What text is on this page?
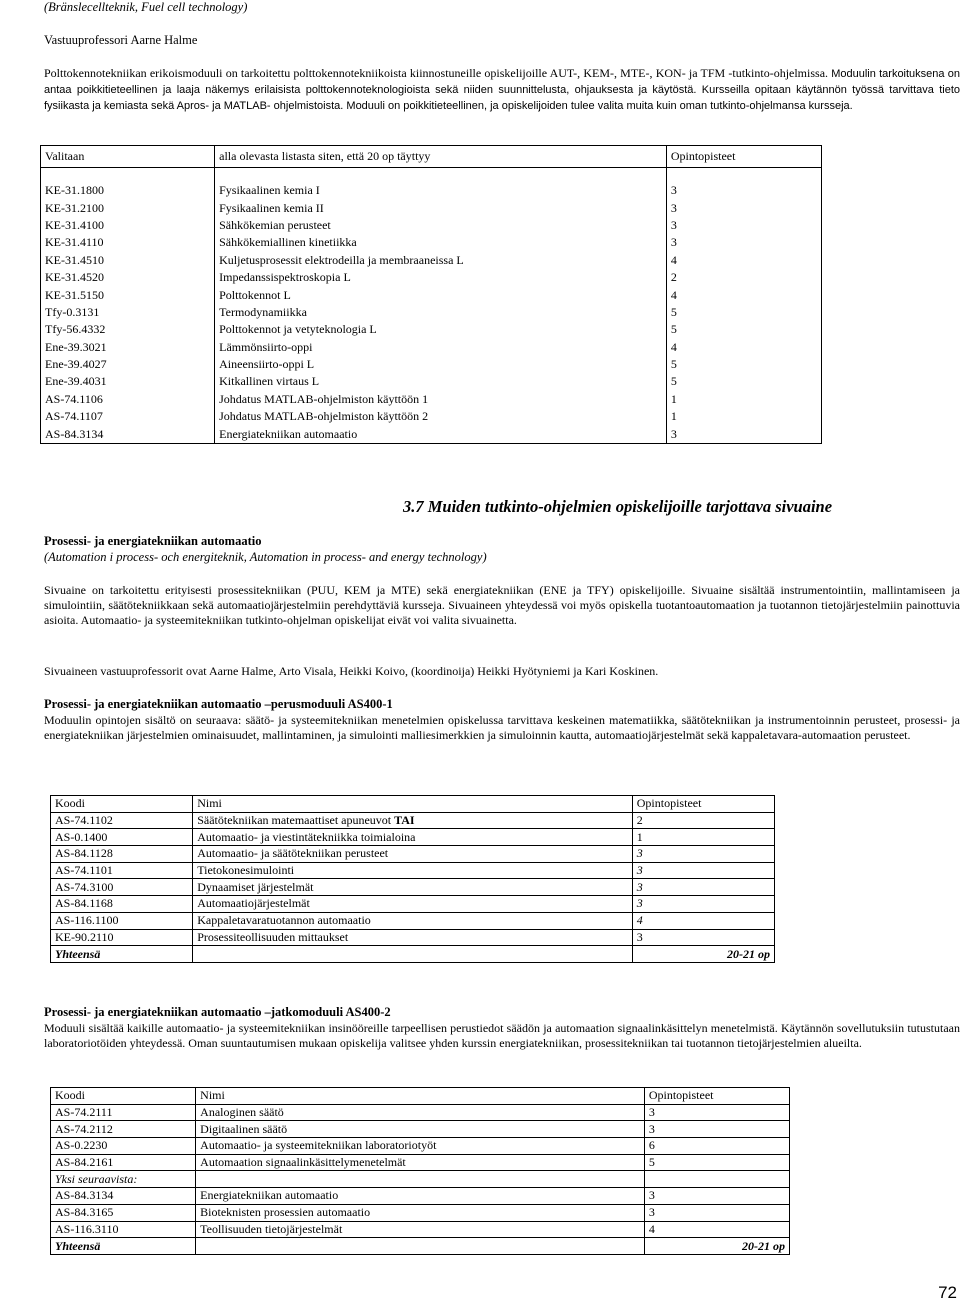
(Bränslecellteknik, Fuel cell technology)
Vastuuprofessori Aarne Halme

Polttokennotekniikan erikoismoduuli on tarkoitettu polttokennotekniikoista kiinnostuneille opiskelijoille AUT-, KEM-, MTE-, KON- ja TFM -tutkinto-ohjelmissa. Moduulin tarkoituksena on antaa poikkitieteellinen ja laaja näkemys erilaisista polttokennoteknologioista sekä niiden suunnittelusta, ohjauksesta ja käytöstä. Kursseilla opitaan käytännön työssä tarvittava tieto fysiikasta ja kemiasta sekä Apros- ja MATLAB- ohjelmistoista. Moduuli on poikkitieteellinen, ja opiskelijoiden tulee valita muita kuin oman tutkinto-ohjelmansa kursseja.

Valitaan	alla olevasta listasta siten, että 20 op täyttyy	Opintopisteet

KE-31.1800	Fysikaalinen kemia I	3
KE-31.2100	Fysikaalinen kemia II	3
KE-31.4100	Sähkökemian perusteet	3
KE-31.4110	Sähkökemiallinen kinetiikka	3
KE-31.4510	Kuljetusprosessit elektrodeilla ja membraaneissa L	4
KE-31.4520	Impedanssispektroskopia L	2
KE-31.5150	Polttokennot L	4
Tfy-0.3131	Termodynamiikka	5
Tfy-56.4332	Polttokennot ja vetyteknologia L	5
Ene-39.3021	Lämmönsiirto-oppi	4
Ene-39.4027	Aineensiirto-oppi L	5
Ene-39.4031	Kitkallinen virtaus L	5
AS-74.1106	Johdatus MATLAB-ohjelmiston käyttöön 1	1
AS-74.1107	Johdatus MATLAB-ohjelmiston käyttöön 2	1
AS-84.3134	Energiatekniikan automaatio	3
3.7 Muiden tutkinto-ohjelmien opiskelijoille tarjottava sivuaine
Prosessi- ja energiatekniikan automaatio
(Automation i process- och energiteknik, Automation in process- and energy technology)

Sivuaine on tarkoitettu erityisesti prosessitekniikan (PUU, KEM ja MTE) sekä energiatekniikan (ENE ja TFY) opiskelijoille. Sivuaine sisältää instrumentointiin, mallintamiseen ja simulointiin, säätötekniikkaan sekä automaatiojärjestelmiin perehdyttäviä kursseja. Sivuaineen yhteydessä voi myös opiskella tuotantoautomaation ja tuotannon tietojärjestelmiin painottuvia asioita. Automaatio- ja systeemitekniikan tutkinto-ohjelman opiskelijat eivät voi valita sivuainetta.

Sivuaineen vastuuprofessorit ovat Aarne Halme, Arto Visala, Heikki Koivo, (koordinoija) Heikki Hyötyniemi ja Kari Koskinen.

Prosessi- ja energiatekniikan automaatio –perusmoduuli AS400-1

Moduulin opintojen sisältö on seuraava: säätö- ja systeemitekniikan menetelmien opiskelussa tarvittava keskeinen matematiikka, säätötekniikan ja instrumentoinnin perusteet, prosessi- ja energiatekniikan järjestelmien ominaisuudet, mallintaminen, ja simulointi malliesimerkkien ja simuloinnin kautta, automaatiojärjestelmät sekä kappaletavara-automaation perusteet.

Koodi	Nimi	Opintopisteet
AS-74.1102	Säätötekniikan matemaattiset apuneuvot TAI	2
AS-0.1400	Automaatio- ja viestintätekniikka toimialoina	1
AS-84.1128	Automaatio- ja säätötekniikan perusteet	3
AS-74.1101	Tietokonesimulointi	3
AS-74.3100	Dynaamiset järjestelmät	3
AS-84.1168	Automaatiojärjestelmät	3
AS-116.1100	Kappaletavaratuotannon automaatio	4
KE-90.2110	Prosessiteollisuuden mittaukset	3
Yhteensä		20-21 op
Prosessi- ja energiatekniikan automaatio –jatkomoduuli AS400-2

Moduuli sisältää kaikille automaatio- ja systeemitekniikan insinööreille tarpeellisen perustiedot säädön ja automaation signaalinkäsittelyn menetelmistä. Käytännön sovellutuksiin tutustutaan laboratoriotöiden yhteydessä. Oman suuntautumisen mukaan opiskelija valitsee yhden kurssin energiatekniikan, prosessitekniikan tai tuotannon tietojärjestelmien alueilta.

Koodi	Nimi	Opintopisteet
AS-74.2111	Analoginen säätö	3
AS-74.2112	Digitaalinen säätö	3
AS-0.2230	Automaatio- ja systeemitekniikan laboratoriotyöt	6
AS-84.2161	Automaation signaalinkäsittelymenetelmät	5
Yksi seuraavista:		
AS-84.3134	Energiatekniikan automaatio	3
AS-84.3165	Bioteknisten prosessien automaatio	3
AS-116.3110	Teollisuuden tietojärjestelmät	4
Yhteensä		20-21 op
72
